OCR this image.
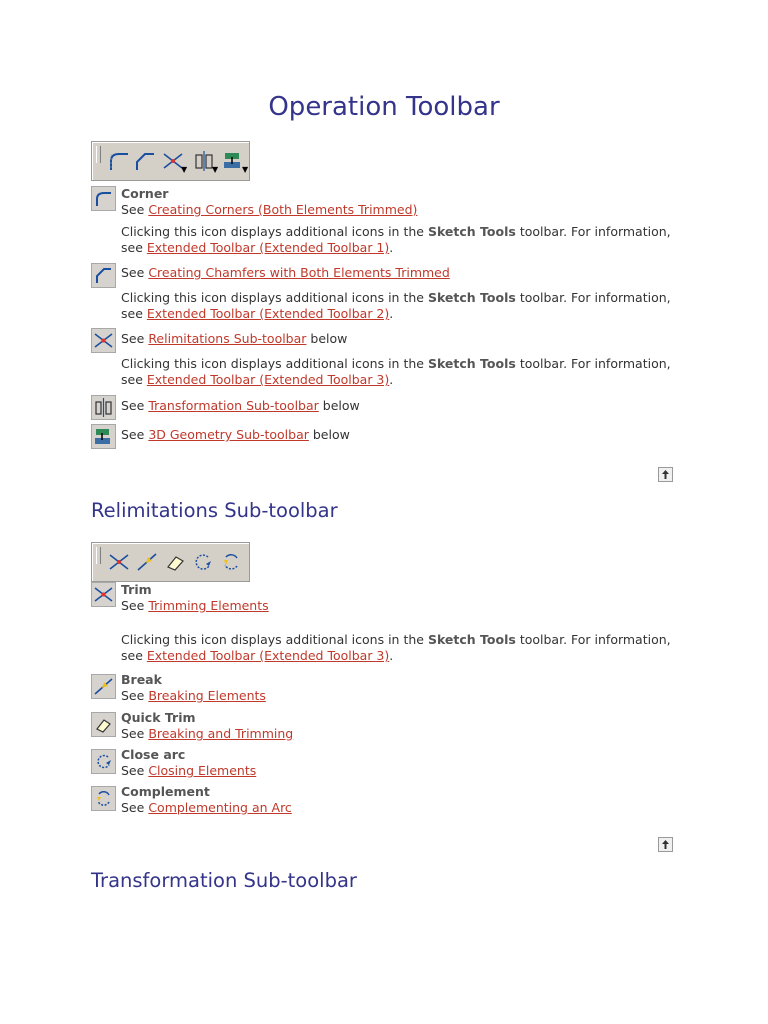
Operation Toolbar
▼	▼	▼
Corner
See Creating Corners (Both Elements Trimmed)
Clicking this icon displays additional icons in the Sketch Tools toolbar. For information,
see Extended Toolbar (Extended Toolbar 1).
See Creating Chamfers with Both Elements Trimmed
Clicking this icon displays additional icons in the Sketch Tools toolbar. For information,
see Extended Toolbar (Extended Toolbar 2).
See Relimitations Sub-toolbar below
Clicking this icon displays additional icons in the Sketch Tools toolbar. For information,
see Extended Toolbar (Extended Toolbar 3).
See Transformation Sub-toolbar below
See 3D Geometry Sub-toolbar below
Relimitations Sub-toolbar
Trim
See Trimming Elements
Clicking this icon displays additional icons in the Sketch Tools toolbar. For information,
see Extended Toolbar (Extended Toolbar 3).
Break
See Breaking Elements
Quick Trim
See Breaking and Trimming
Close arc
See Closing Elements
Complement
See Complementing an Arc
Transformation Sub-toolbar
